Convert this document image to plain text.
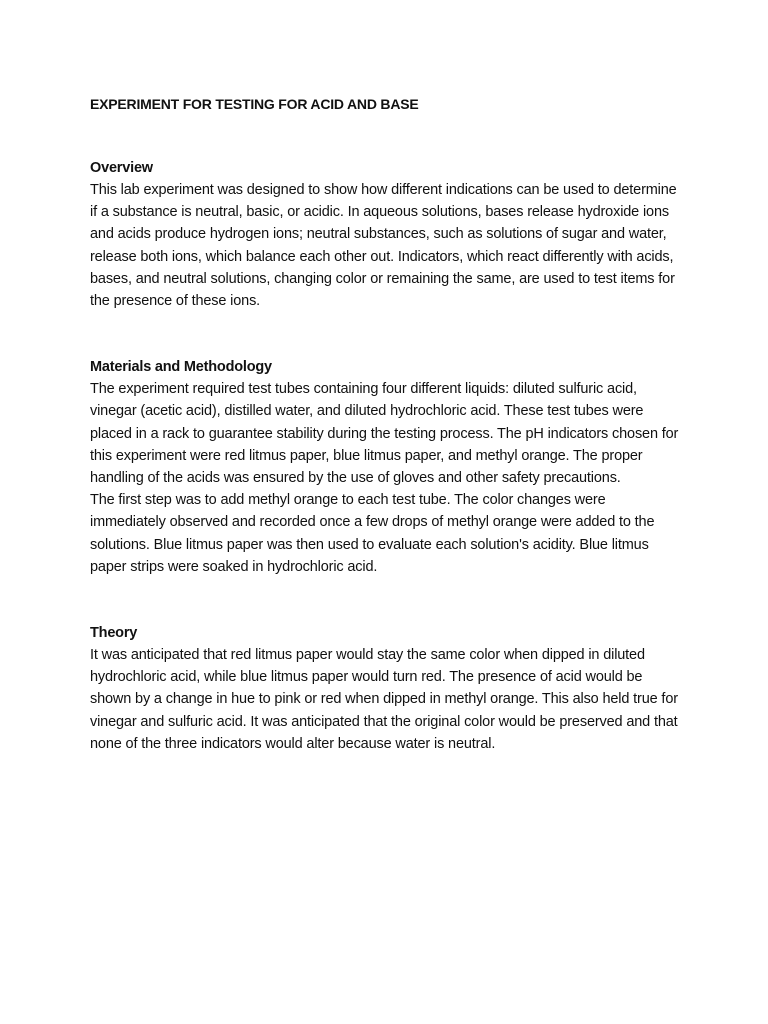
EXPERIMENT FOR TESTING FOR ACID AND BASE
Overview

This lab experiment was designed to show how different indications can be used to determine if a substance is neutral, basic, or acidic. In aqueous solutions, bases release hydroxide ions and acids produce hydrogen ions; neutral substances, such as solutions of sugar and water, release both ions, which balance each other out. Indicators, which react differently with acids, bases, and neutral solutions, changing color or remaining the same, are used to test items for the presence of these ions.

Materials and Methodology

The experiment required test tubes containing four different liquids: diluted sulfuric acid, vinegar (acetic acid), distilled water, and diluted hydrochloric acid. These test tubes were placed in a rack to guarantee stability during the testing process. The pH indicators chosen for this experiment were red litmus paper, blue litmus paper, and methyl orange. The proper handling of the acids was ensured by the use of gloves and other safety precautions.

The first step was to add methyl orange to each test tube. The color changes were immediately observed and recorded once a few drops of methyl orange were added to the solutions. Blue litmus paper was then used to evaluate each solution's acidity. Blue litmus paper strips were soaked in hydrochloric acid.

Theory

It was anticipated that red litmus paper would stay the same color when dipped in diluted hydrochloric acid, while blue litmus paper would turn red. The presence of acid would be shown by a change in hue to pink or red when dipped in methyl orange. This also held true for vinegar and sulfuric acid. It was anticipated that the original color would be preserved and that none of the three indicators would alter because water is neutral.
